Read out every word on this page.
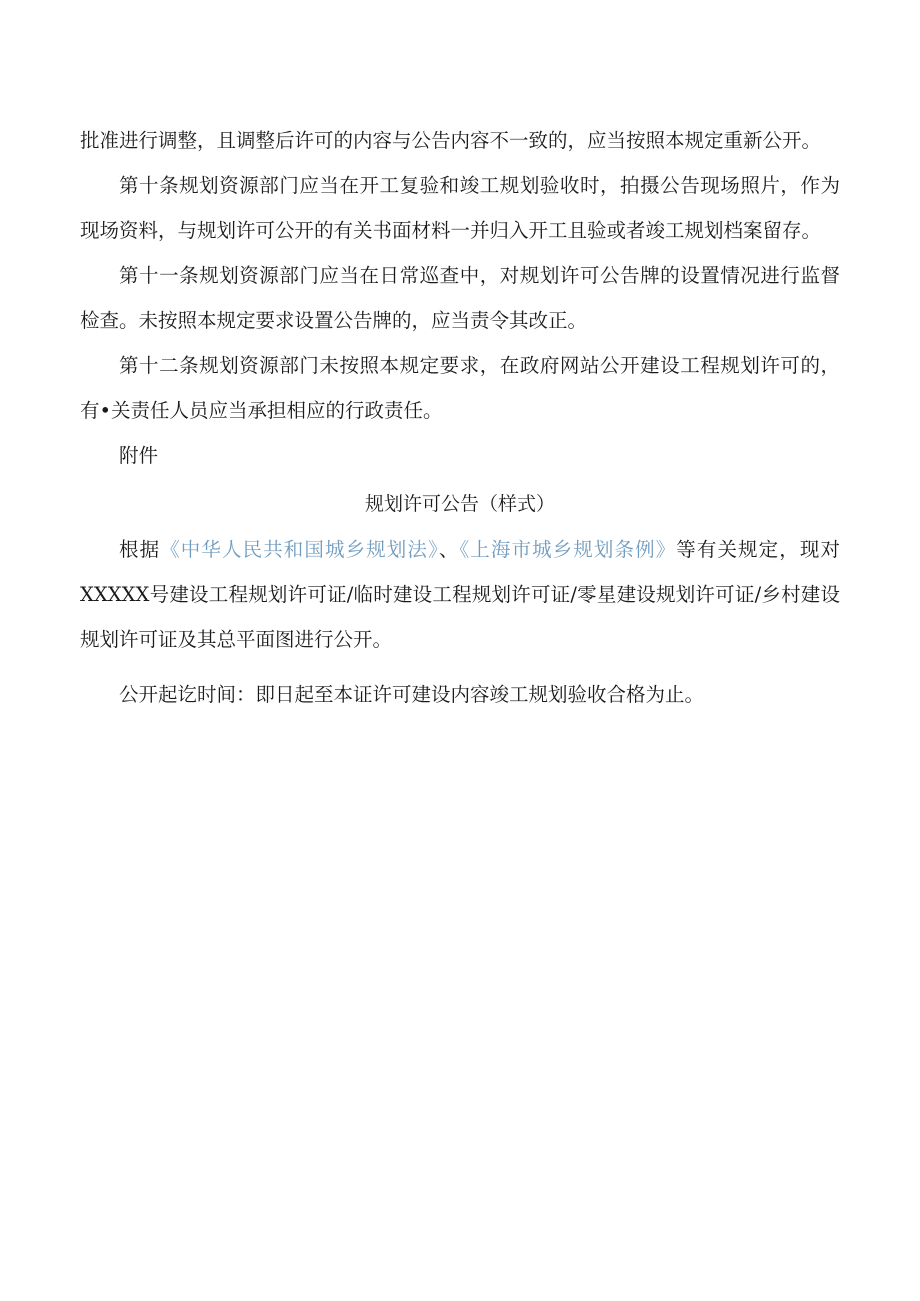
批准进行调整，且调整后许可的内容与公告内容不一致的，应当按照本规定重新公开。

第十条规划资源部门应当在开工复验和竣工规划验收时，拍摄公告现场照片，作为现场资料，与规划许可公开的有关书面材料一并归入开工且验或者竣工规划档案留存。

第十一条规划资源部门应当在日常巡查中，对规划许可公告牌的设置情况进行监督检查。未按照本规定要求设置公告牌的，应当责令其改正。

第十二条规划资源部门未按照本规定要求，在政府网站公开建设工程规划许可的，有•关责任人员应当承担相应的行政责任。

附件

规划许可公告（样式）

根据《中华人民共和国城乡规划法》、《上海市城乡规划条例》等有关规定，现对XXXXX号建设工程规划许可证/临时建设工程规划许可证/零星建设规划许可证/乡村建设规划许可证及其总平面图进行公开。

公开起讫时间：即日起至本证许可建设内容竣工规划验收合格为止。
